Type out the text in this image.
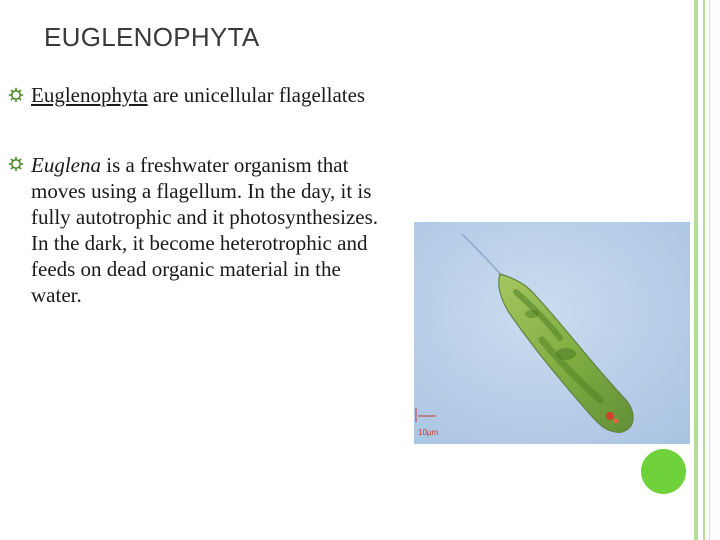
EUGLENOPHYTA
Euglenophyta are unicellular flagellates
Euglena is a freshwater organism that
moves using a flagellum. In the day, it is
fully autotrophic and it photosynthesizes.
In the dark, it become heterotrophic and
feeds on dead organic material in the
water.
10µm
